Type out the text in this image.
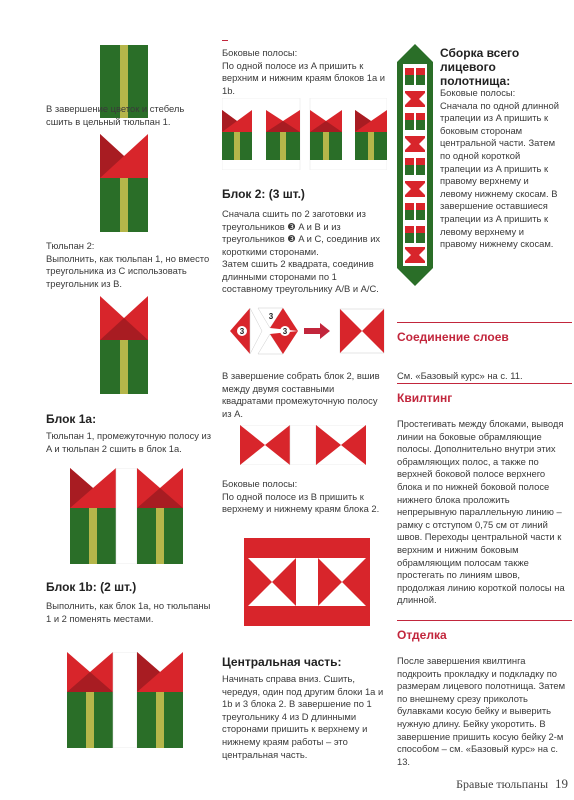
В завершение цветок и стебель сшить в цельный тюльпан 1.
Тюльпан 2:
Выполнить, как тюльпан 1, но вместо треугольника из C использовать треугольник из B.
Блок 1a:
Тюльпан 1, промежуточную полосу из A и тюльпан 2 сшить в блок 1a.
Блок 1b: (2 шт.)
Выполнить, как блок 1a, но тюльпаны 1 и 2 поменять местами.
Боковые полосы:
По одной полосе из A пришить к верхним и нижним краям блоков 1a и 1b.
Блок 2: (3 шт.)
Сначала сшить по 2 заготовки из треугольников ❸ A и B и из треугольников ❸ A и C, соединив их короткими сторонами.
Затем сшить 2 квадрата, соединив длинными сторонами по 1 составному треугольнику A/B и A/C.
3
3
3
В завершение собрать блок 2, вшив между двумя составными квадратами промежуточную полосу из A.
Боковые полосы:
По одной полосе из B пришить к верхнему и нижнему краям блока 2.
Центральная часть:
Начинать справа вниз. Сшить, чередуя, один под другим блоки 1a и 1b и 3 блока 2. В завершение по 1 треугольнику 4 из D длинными сторонами пришить к верхнему и нижнему краям работы – это центральная часть.
Сборка всего лицевого полотнища:
Боковые полосы:
Сначала по одной длинной трапеции из A пришить к боковым сторонам центральной части. Затем по одной короткой трапеции из A пришить к правому верхнему и левому нижнему скосам. В завершение оставшиеся трапеции из A пришить к левому верхнему и правому нижнему скосам.
Соединение слоев
См. «Базовый курс» на с. 11.
Квилтинг
Простегивать между блоками, выводя линии на боковые обрамляющие полосы. Дополнительно внутри этих обрамляющих полос, а также по верхней боковой полосе верхнего блока и по нижней боковой полосе нижнего блока проложить непрерывную параллельную линию – рамку с отступом 0,75 см от линий швов. Переходы центральной части к верхним и нижним боковым обрамляющим полосам также простегать по линиям швов, продолжая линию короткой полосы на длинной.
Отделка
После завершения квилтинга подкроить прокладку и подкладку по размерам лицевого полотнища. Затем по внешнему срезу приколоть булавками косую бейку и выверить нужную длину. Бейку укоротить. В завершение пришить косую бейку 2-м способом – см. «Базовый курс» на с. 13.
Бравые тюльпаны 19
